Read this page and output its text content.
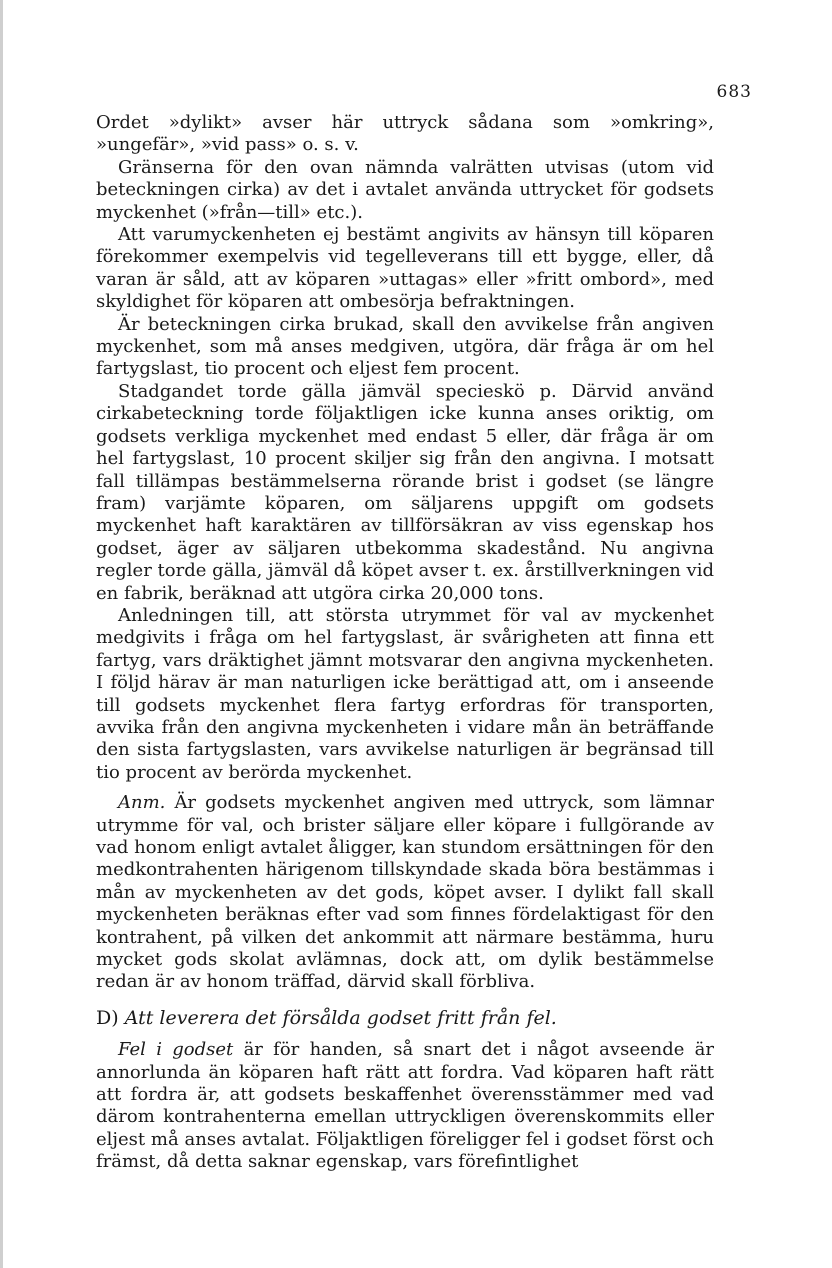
683

Ordet »dylikt» avser här uttryck sådana som »omkring», »ungefär», »vid pass» o. s. v.

Gränserna för den ovan nämnda valrätten utvisas (utom vid beteckningen cirka) av det i avtalet använda uttrycket för godsets myckenhet (»från—till» etc.).

Att varumyckenheten ej bestämt angivits av hänsyn till köparen förekommer exempelvis vid tegelleverans till ett bygge, eller, då varan är såld, att av köparen »uttagas» eller »fritt ombord», med skyldighet för köparen att ombesörja befraktningen.

Är beteckningen cirka brukad, skall den avvikelse från angiven myckenhet, som må anses medgiven, utgöra, där fråga är om hel fartygslast, tio procent och eljest fem procent.

Stadgandet torde gälla jämväl specieskö p. Därvid använd cirkabeteckning torde följaktligen icke kunna anses oriktig, om godsets verkliga myckenhet med endast 5 eller, där fråga är om hel fartygslast, 10 procent skiljer sig från den angivna. I motsatt fall tillämpas bestämmelserna rörande brist i godset (se längre fram) varjämte köparen, om säljarens uppgift om godsets myckenhet haft karaktären av tillförsäkran av viss egenskap hos godset, äger av säljaren utbekomma skadestånd. Nu angivna regler torde gälla, jämväl då köpet avser t. ex. årstillverkningen vid en fabrik, beräknad att utgöra cirka 20,000 tons.

Anledningen till, att största utrymmet för val av myckenhet medgivits i fråga om hel fartygslast, är svårigheten att finna ett fartyg, vars dräktighet jämnt motsvarar den angivna myckenheten. I följd härav är man naturligen icke berättigad att, om i anseende till godsets myckenhet flera fartyg erfordras för transporten, avvika från den angivna myckenheten i vidare mån än beträffande den sista fartygslasten, vars avvikelse naturligen är begränsad till tio procent av berörda myckenhet.

Anm. Är godsets myckenhet angiven med uttryck, som lämnar utrymme för val, och brister säljare eller köpare i fullgörande av vad honom enligt avtalet åligger, kan stundom ersättningen för den medkontrahenten härigenom tillskyndade skada böra bestämmas i mån av myckenheten av det gods, köpet avser. I dylikt fall skall myckenheten beräknas efter vad som finnes fördelaktigast för den kontrahent, på vilken det ankommit att närmare bestämma, huru mycket gods skolat avlämnas, dock att, om dylik bestämmelse redan är av honom träffad, därvid skall förbliva.

D) Att leverera det försålda godset fritt från fel.

Fel i godset är för handen, så snart det i något avseende är annorlunda än köparen haft rätt att fordra. Vad köparen haft rätt att fordra är, att godsets beskaffenhet överensstämmer med vad därom kontrahenterna emellan uttryckligen överenskommits eller eljest må anses avtalat. Följaktligen föreligger fel i godset först och främst, då detta saknar egenskap, vars förefintlighet
